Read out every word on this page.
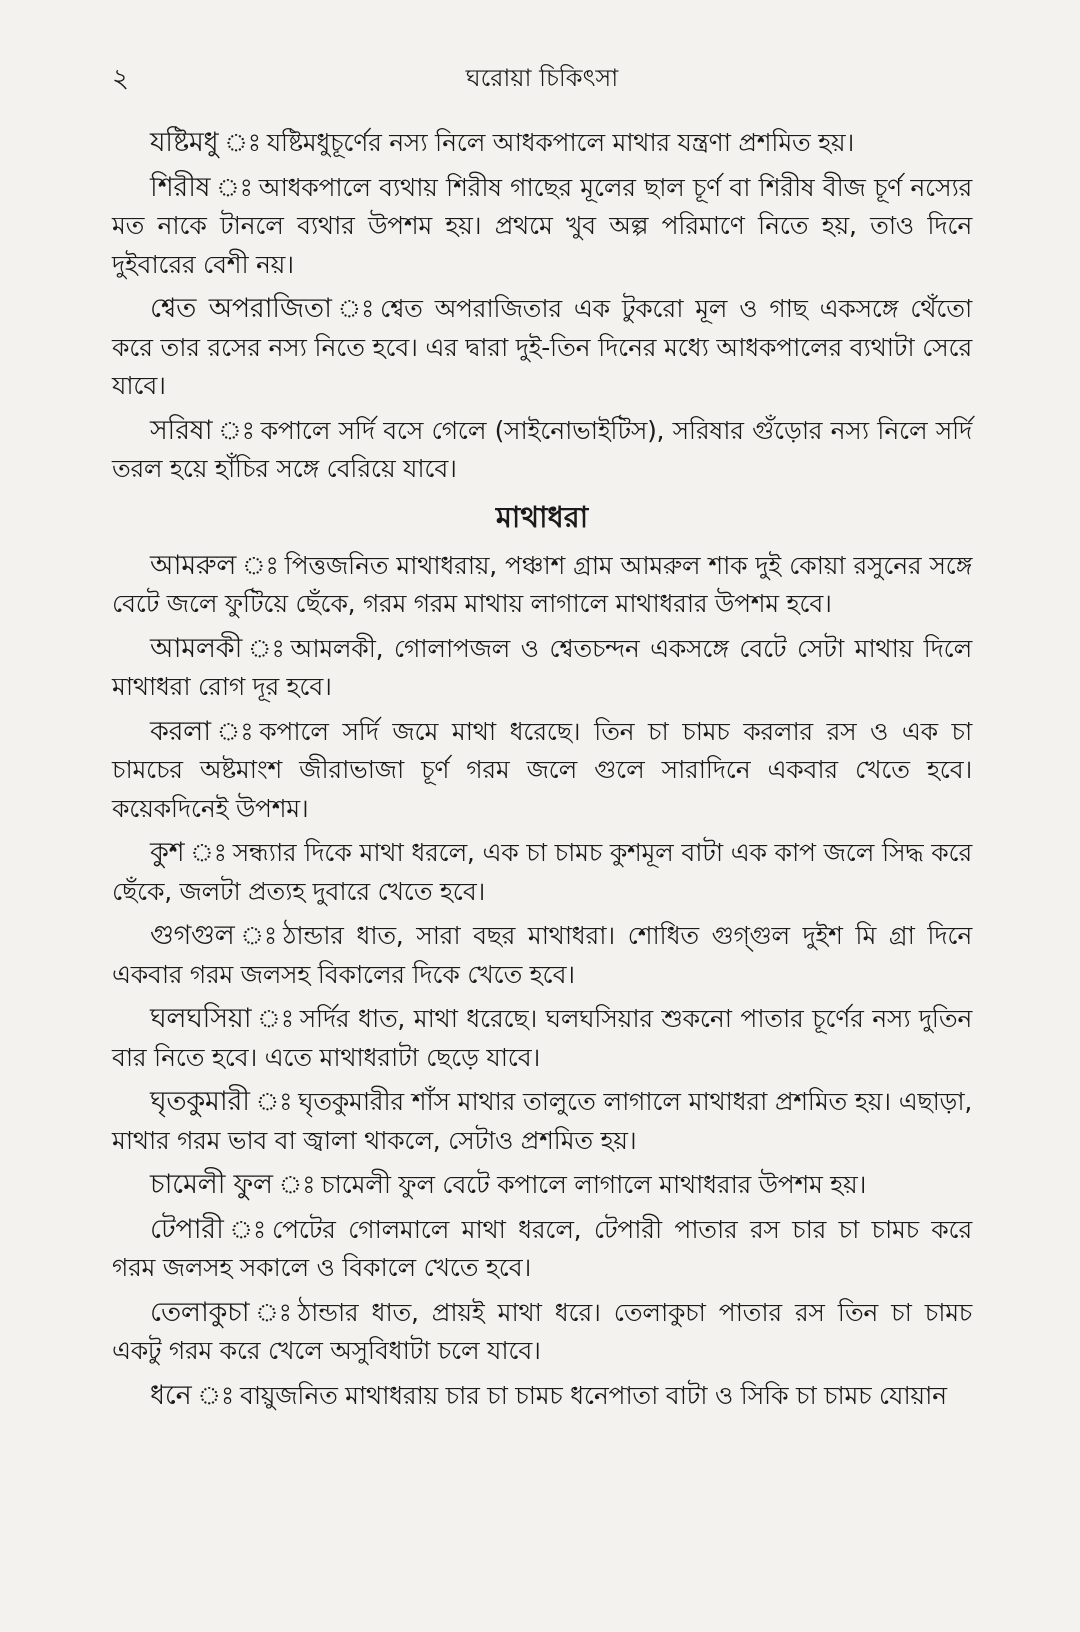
২	ঘরোয়া চিকিৎসা

যষ্টিমধু ঃ যষ্টিমধুচূর্ণের নস্য নিলে আধকপালে মাথার যন্ত্রণা প্রশমিত হয়।

শিরীষ ঃ আধকপালে ব্যথায় শিরীষ গাছের মূলের ছাল চূর্ণ বা শিরীষ বীজ চূর্ণ নস্যের মত নাকে টানলে ব্যথার উপশম হয়। প্রথমে খুব অল্প পরিমাণে নিতে হয়, তাও দিনে দুইবারের বেশী নয়।

শ্বেত অপরাজিতা ঃ শ্বেত অপরাজিতার এক টুকরো মূল ও গাছ একসঙ্গে থেঁতো করে তার রসের নস্য নিতে হবে। এর দ্বারা দুই-তিন দিনের মধ্যে আধকপালের ব্যথাটা সেরে যাবে।

সরিষা ঃ কপালে সর্দি বসে গেলে (সাইনোভাইটিস), সরিষার গুঁড়োর নস্য নিলে সর্দি তরল হয়ে হাঁচির সঙ্গে বেরিয়ে যাবে।

মাথাধরা

আমরুল ঃ পিত্তজনিত মাথাধরায়, পঞ্চাশ গ্রাম আমরুল শাক দুই কোয়া রসুনের সঙ্গে বেটে জলে ফুটিয়ে ছেঁকে, গরম গরম মাথায় লাগালে মাথাধরার উপশম হবে।

আমলকী ঃ আমলকী, গোলাপজল ও শ্বেতচন্দন একসঙ্গে বেটে সেটা মাথায় দিলে মাথাধরা রোগ দূর হবে।

করলা ঃ কপালে সর্দি জমে মাথা ধরেছে। তিন চা চামচ করলার রস ও এক চা চামচের অষ্টমাংশ জীরাভাজা চূর্ণ গরম জলে গুলে সারাদিনে একবার খেতে হবে। কয়েকদিনেই উপশম।

কুশ ঃ সন্ধ্যার দিকে মাথা ধরলে, এক চা চামচ কুশমূল বাটা এক কাপ জলে সিদ্ধ করে ছেঁকে, জলটা প্রত্যহ দুবারে খেতে হবে।

গুগগুল ঃ ঠান্ডার ধাত, সারা বছর মাথাধরা। শোধিত গুগ্‌গুল দুইশ মি গ্রা দিনে একবার গরম জলসহ বিকালের দিকে খেতে হবে।

ঘলঘসিয়া ঃ সর্দির ধাত, মাথা ধরেছে। ঘলঘসিয়ার শুকনো পাতার চূর্ণের নস্য দুতিন বার নিতে হবে। এতে মাথাধরাটা ছেড়ে যাবে।

ঘৃতকুমারী ঃ ঘৃতকুমারীর শাঁস মাথার তালুতে লাগালে মাথাধরা প্রশমিত হয়। এছাড়া, মাথার গরম ভাব বা জ্বালা থাকলে, সেটাও প্রশমিত হয়।

চামেলী ফুল ঃ চামেলী ফুল বেটে কপালে লাগালে মাথাধরার উপশম হয়।

টেপারী ঃ পেটের গোলমালে মাথা ধরলে, টেপারী পাতার রস চার চা চামচ করে গরম জলসহ সকালে ও বিকালে খেতে হবে।

তেলাকুচা ঃ ঠান্ডার ধাত, প্রায়ই মাথা ধরে। তেলাকুচা পাতার রস তিন চা চামচ একটু গরম করে খেলে অসুবিধাটা চলে যাবে।

ধনে ঃ বায়ুজনিত মাথাধরায় চার চা চামচ ধনেপাতা বাটা ও সিকি চা চামচ যোয়ান
